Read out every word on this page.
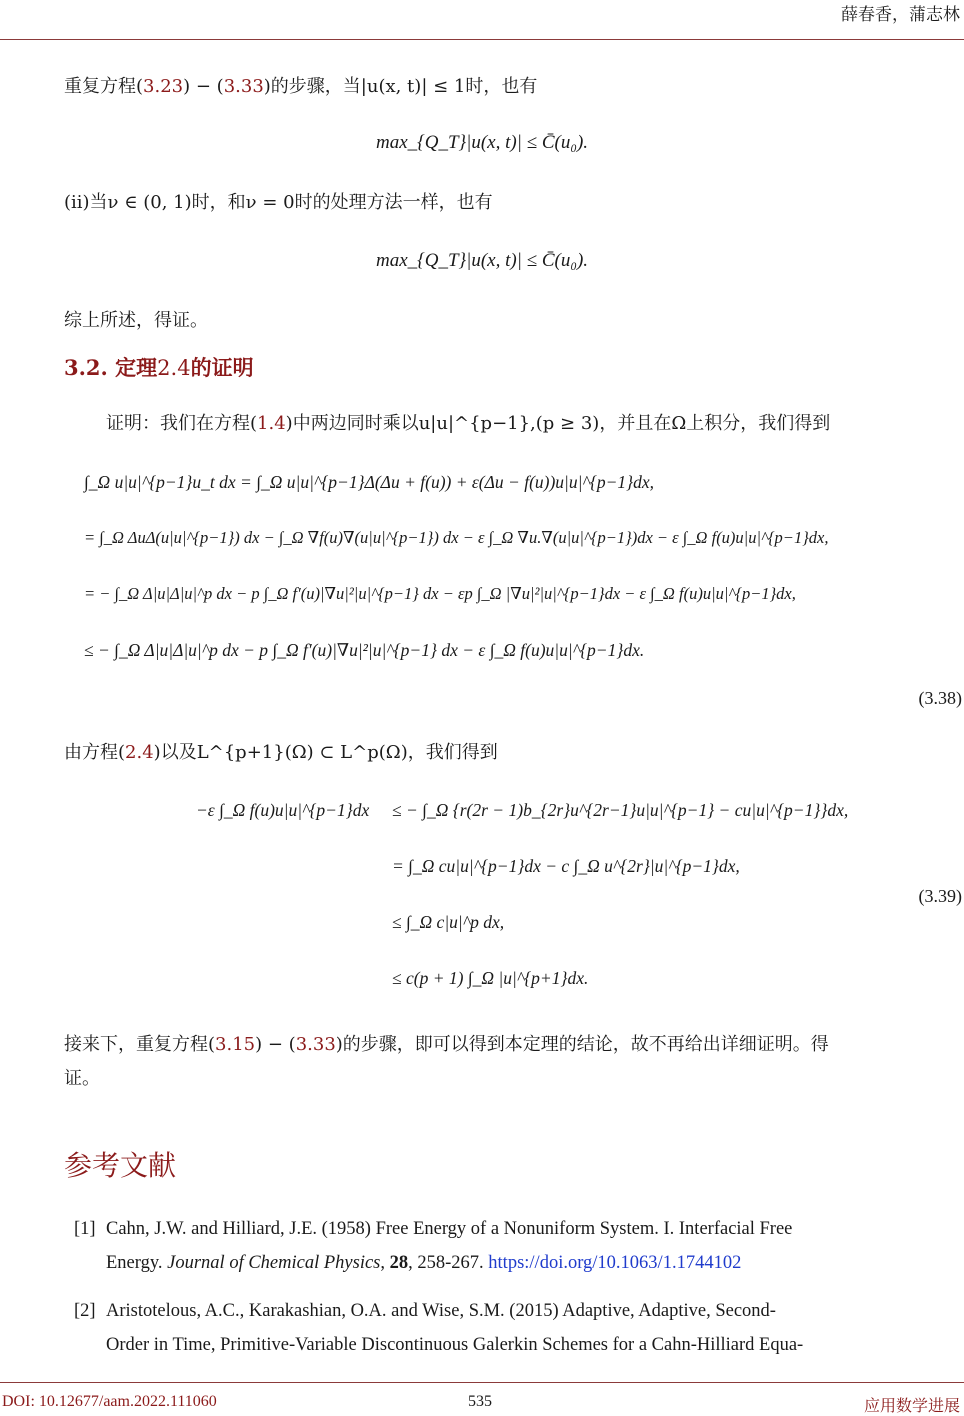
薛春香，蒲志林
重复方程(3.23) − (3.33)的步骤，当|u(x, t)| ≤ 1时，也有
max_{Q_T}|u(x, t)| ≤ C̄(u₀).
(ii)当ν ∈ (0, 1)时，和ν = 0时的处理方法一样，也有
max_{Q_T}|u(x, t)| ≤ C̄(u₀).
综上所述，得证。
3.2. 定理2.4的证明
证明：我们在方程(1.4)中两边同时乘以u|u|^{p−1},(p ≥ 3)，并且在Ω上积分，我们得到
∫_Ω u|u|^{p−1}u_t dx = ∫_Ω u|u|^{p−1}Δ(Δu + f(u)) + ε(Δu − f(u))u|u|^{p−1}dx,
= ∫_Ω ΔuΔ(u|u|^{p−1}) dx − ∫_Ω ∇f(u)∇(u|u|^{p−1}) dx − ε ∫_Ω ∇u.∇(u|u|^{p−1})dx − ε ∫_Ω f(u)u|u|^{p−1}dx,
= − ∫_Ω Δ|u|Δ|u|^p dx − p ∫_Ω f′(u)|∇u|²|u|^{p−1} dx − εp ∫_Ω |∇u|²|u|^{p−1}dx − ε ∫_Ω f(u)u|u|^{p−1}dx,
≤ − ∫_Ω Δ|u|Δ|u|^p dx − p ∫_Ω f′(u)|∇u|²|u|^{p−1} dx − ε ∫_Ω f(u)u|u|^{p−1}dx.
(3.38)
由方程(2.4)以及L^{p+1}(Ω) ⊂ L^p(Ω)，我们得到
−ε ∫_Ω f(u)u|u|^{p−1}dx ≤ − ∫_Ω {r(2r − 1)b_{2r}u^{2r−1}u|u|^{p−1} − cu|u|^{p−1}}dx,
= ∫_Ω cu|u|^{p−1}dx − c ∫_Ω u^{2r}|u|^{p−1}dx,
≤ ∫_Ω c|u|^p dx,
≤ c(p + 1) ∫_Ω |u|^{p+1}dx.
(3.39)
接来下，重复方程(3.15) − (3.33)的步骤，即可以得到本定理的结论，故不再给出详细证明。得
证。
参考文献
[1] Cahn, J.W. and Hilliard, J.E. (1958) Free Energy of a Nonuniform System. I. Interfacial Free
Energy. Journal of Chemical Physics, 28, 258-267. https://doi.org/10.1063/1.1744102
[2] Aristotelous, A.C., Karakashian, O.A. and Wise, S.M. (2015) Adaptive, Adaptive, Second-
Order in Time, Primitive-Variable Discontinuous Galerkin Schemes for a Cahn-Hilliard Equa-
DOI: 10.12677/aam.2022.111060	535	应用数学进展
